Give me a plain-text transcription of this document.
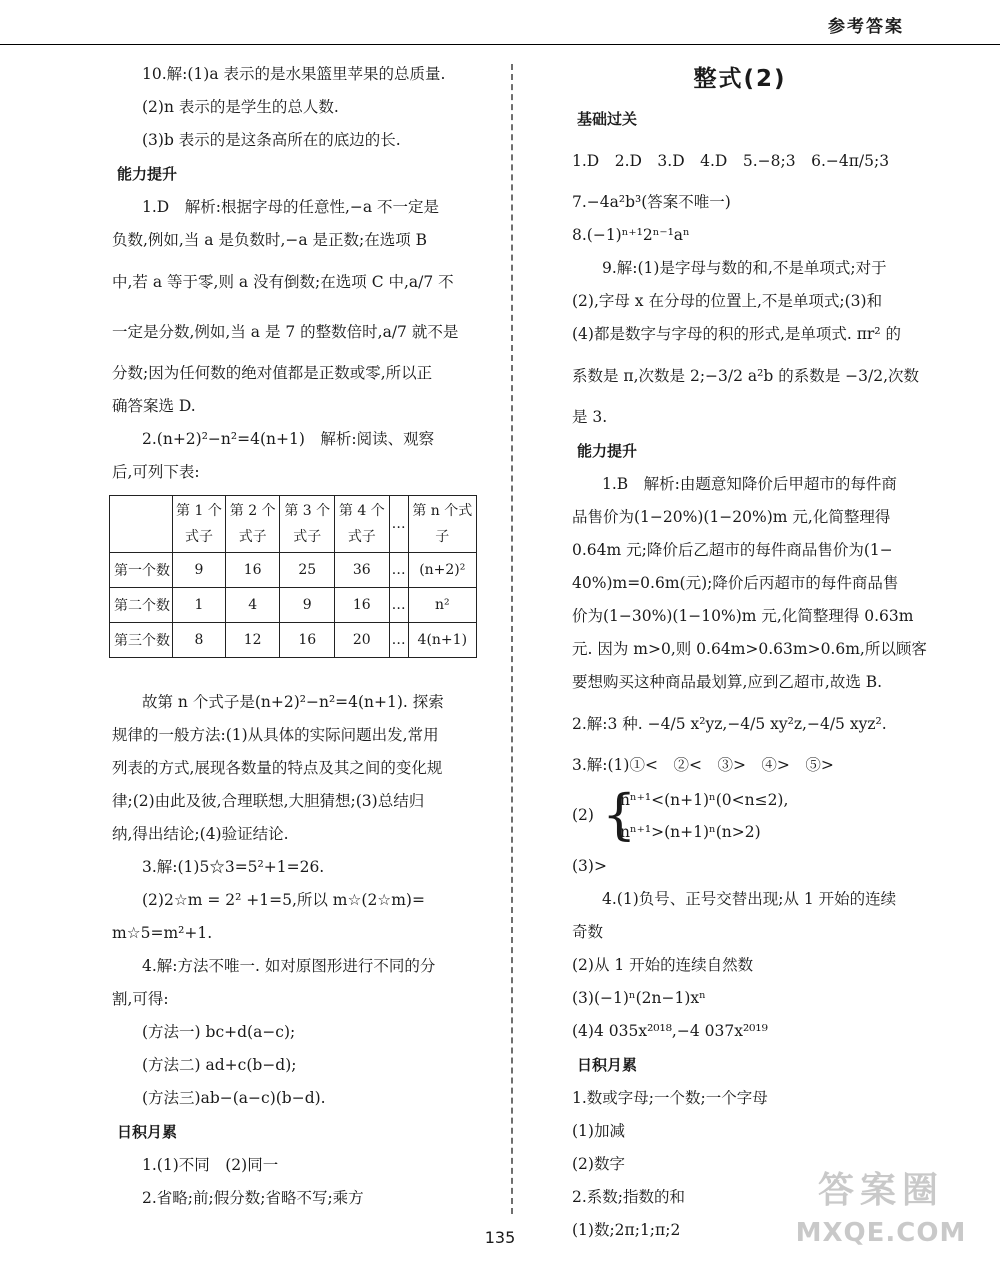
参考答案
10.解:(1)a 表示的是水果篮里苹果的总质量.
(2)n 表示的是学生的总人数.
(3)b 表示的是这条高所在的底边的长.
能力提升
1.D　解析:根据字母的任意性,−a 不一定是
负数,例如,当 a 是负数时,−a 是正数;在选项 B
中,若 a 等于零,则 a 没有倒数;在选项 C 中,a/7 不
一定是分数,例如,当 a 是 7 的整数倍时,a/7 就不是
分数;因为任何数的绝对值都是正数或零,所以正
确答案选 D.
2.(n+2)²−n²=4(n+1)　解析:阅读、观察
后,可列下表:
	第 1 个式子	第 2 个式子	第 3 个式子	第 4 个式子	…	第 n 个式子
第一个数	9	16	25	36	…	(n+2)²
第二个数	1	4	9	16	…	n²
第三个数	8	12	16	20	…	4(n+1)
故第 n 个式子是(n+2)²−n²=4(n+1). 探索
规律的一般方法:(1)从具体的实际问题出发,常用
列表的方式,展现各数量的特点及其之间的变化规
律;(2)由此及彼,合理联想,大胆猜想;(3)总结归
纳,得出结论;(4)验证结论.
3.解:(1)5☆3=5²+1=26.
(2)2☆m = 2² +1=5,所以 m☆(2☆m)=
m☆5=m²+1.
4.解:方法不唯一. 如对原图形进行不同的分
割,可得:
(方法一) bc+d(a−c);
(方法二) ad+c(b−d);
(方法三)ab−(a−c)(b−d).
日积月累
1.(1)不同　(2)同一
2.省略;前;假分数;省略不写;乘方
整式(2)
基础过关
1.D　2.D　3.D　4.D　5.−8;3　6.−4π/5;3
7.−4a²b³(答案不唯一)
8.(−1)ⁿ⁺¹2ⁿ⁻¹aⁿ
9.解:(1)是字母与数的和,不是单项式;对于
(2),字母 x 在分母的位置上,不是单项式;(3)和
(4)都是数字与字母的积的形式,是单项式. πr² 的
系数是 π,次数是 2;−3/2 a²b 的系数是 −3/2,次数
是 3.
能力提升
1.B　解析:由题意知降价后甲超市的每件商
品售价为(1−20%)(1−20%)m 元,化简整理得
0.64m 元;降价后乙超市的每件商品售价为(1−
40%)m=0.6m(元);降价后丙超市的每件商品售
价为(1−30%)(1−10%)m 元,化简整理得 0.63m
元. 因为 m>0,则 0.64m>0.63m>0.6m,所以顾客
要想购买这种商品最划算,应到乙超市,故选 B.
2.解:3 种. −4/5 x²yz,−4/5 xy²z,−4/5 xyz².
3.解:(1)①<　②<　③>　④>　⑤>
(2) {
nⁿ⁺¹<(n+1)ⁿ(0<n≤2),
nⁿ⁺¹>(n+1)ⁿ(n>2)
(3)>
4.(1)负号、正号交替出现;从 1 开始的连续
奇数
(2)从 1 开始的连续自然数
(3)(−1)ⁿ(2n−1)xⁿ
(4)4 035x²⁰¹⁸,−4 037x²⁰¹⁹
日积月累
1.数或字母;一个数;一个字母
(1)加减
(2)数字
2.系数;指数的和
(1)数;2π;1;π;2
135
答案圈
MXQE.COM
